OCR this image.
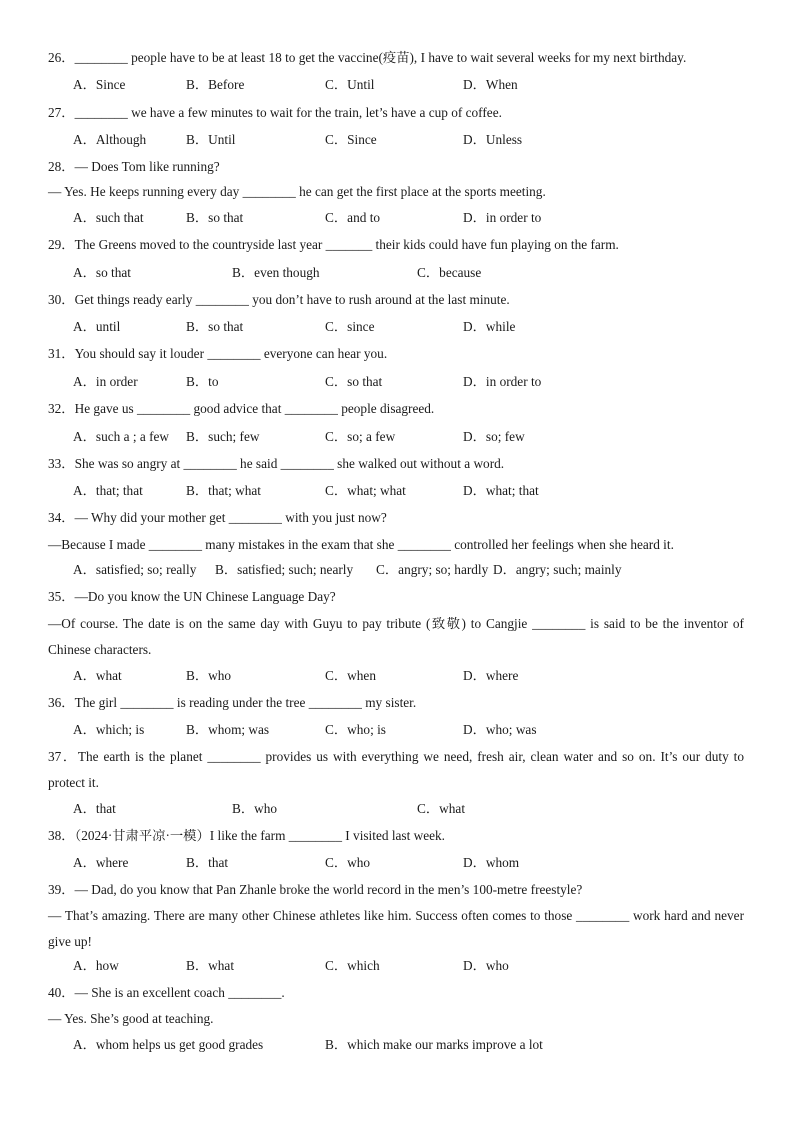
26．________ people have to be at least 18 to get the vaccine(疫苗), I have to wait several weeks for my next birthday.
A．Since	B．Before	C．Until	D．When
27．________ we have a few minutes to wait for the train, let’s have a cup of coffee.
A．Although	B．Until	C．Since	D．Unless
28．— Does Tom like running?
— Yes. He keeps running every day ________ he can get the first place at the sports meeting.
A．such that	B．so that	C．and to	D．in order to
29．The Greens moved to the countryside last year _______ their kids could have fun playing on the farm.
A．so that	B．even though	C．because
30．Get things ready early ________ you don’t have to rush around at the last minute.
A．until	B．so that	C．since	D．while
31．You should say it louder ________ everyone can hear you.
A．in order	B．to	C．so that	D．in order to
32．He gave us ________ good advice that ________ people disagreed.
A．such a ; a few B．such; few	C．so; a few	D．so; few
33．She was so angry at ________ he said ________ she walked out without a word.
A．that; that	B．that; what	C．what; what	D．what; that
34．— Why did your mother get ________ with you just now?
—Because I made ________ many mistakes in the exam that she ________ controlled her feelings when she heard it.
A．satisfied; so; really B．satisfied; such; nearly C．angry; so; hardly D．angry; such; mainly
35．—Do you know the UN Chinese Language Day?
—Of course. The date is on the same day with Guyu to pay tribute (致敬) to Cangjie ________ is said to be the inventor of Chinese characters.
A．what	B．who	C．when	D．where
36．The girl ________ is reading under the tree ________ my sister.
A．which; is	B．whom; was	C．who; is	D．who; was
37．The earth is the planet ________ provides us with everything we need, fresh air, clean water and so on. It’s our duty to protect it.
A．that	B．who	C．what
38．（2024·甘肃平凉·一模）I like the farm ________ I visited last week.
A．where	B．that	C．who	D．whom
39．— Dad, do you know that Pan Zhanle broke the world record in the men’s 100-metre freestyle?
— That’s amazing. There are many other Chinese athletes like him. Success often comes to those ________ work hard and never give up!
A．how	B．what	C．which	D．who
40．— She is an excellent coach ________.
— Yes. She’s good at teaching.
A．whom helps us get good grades	B．which make our marks improve a lot
